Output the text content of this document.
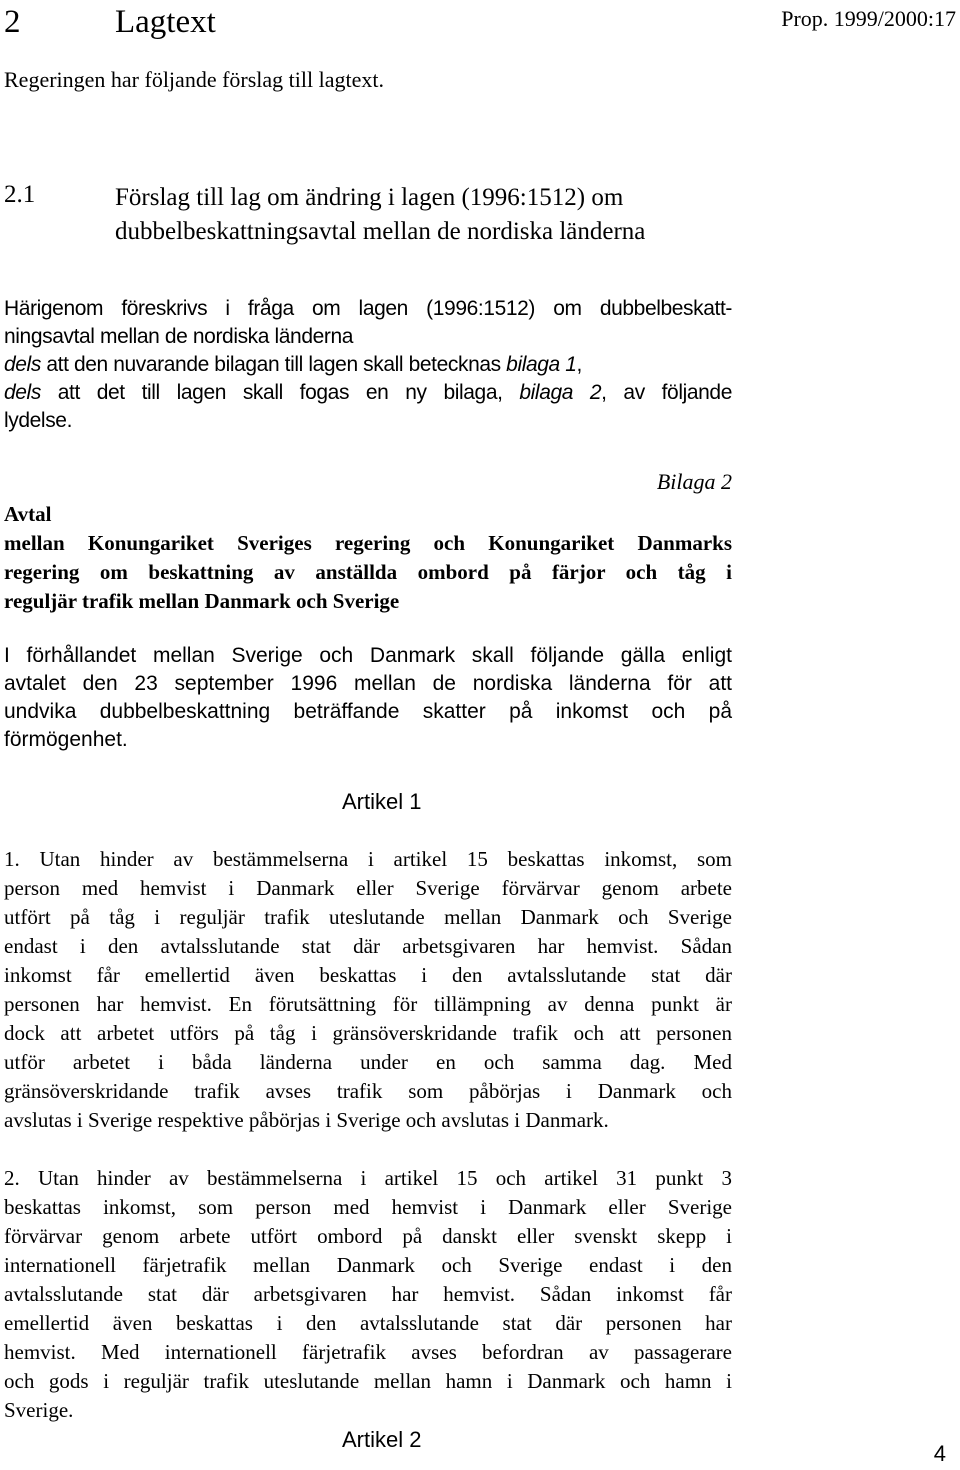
2	Lagtext	Prop. 1999/2000:17
Regeringen har följande förslag till lagtext.
2.1	Förslag till lag om ändring i lagen (1996:1512) om
dubbelbeskattningsavtal mellan de nordiska länderna
Härigenom föreskrivs i fråga om lagen (1996:1512) om dubbelbeskatt-
ningsavtal mellan de nordiska länderna
dels att den nuvarande bilagan till lagen skall betecknas bilaga 1,
dels att det till lagen skall fogas en ny bilaga, bilaga 2, av följande
lydelse.
Bilaga 2
Avtal
mellan Konungariket Sveriges regering och Konungariket Danmarks
regering om beskattning av anställda ombord på färjor och tåg i
reguljär trafik mellan Danmark och Sverige
I förhållandet mellan Sverige och Danmark skall följande gälla enligt
avtalet den 23 september 1996 mellan de nordiska länderna för att
undvika dubbelbeskattning beträffande skatter på inkomst och på
förmögenhet.
Artikel 1
1. Utan hinder av bestämmelserna i artikel 15 beskattas inkomst, som
person med hemvist i Danmark eller Sverige förvärvar genom arbete
utfört på tåg i reguljär trafik uteslutande mellan Danmark och Sverige
endast i den avtalsslutande stat där arbetsgivaren har hemvist. Sådan
inkomst får emellertid även beskattas i den avtalsslutande stat där
personen har hemvist. En förutsättning för tillämpning av denna punkt är
dock att arbetet utförs på tåg i gränsöverskridande trafik och att personen
utför arbetet i båda länderna under en och samma dag. Med
gränsöverskridande trafik avses trafik som påbörjas i Danmark och
avslutas i Sverige respektive påbörjas i Sverige och avslutas i Danmark.
2. Utan hinder av bestämmelserna i artikel 15 och artikel 31 punkt 3
beskattas inkomst, som person med hemvist i Danmark eller Sverige
förvärvar genom arbete utfört ombord på danskt eller svenskt skepp i
internationell färjetrafik mellan Danmark och Sverige endast i den
avtalsslutande stat där arbetsgivaren har hemvist. Sådan inkomst får
emellertid även beskattas i den avtalsslutande stat där personen har
hemvist. Med internationell färjetrafik avses befordran av passagerare
och gods i reguljär trafik uteslutande mellan hamn i Danmark och hamn i
Sverige.
Artikel 2
4
